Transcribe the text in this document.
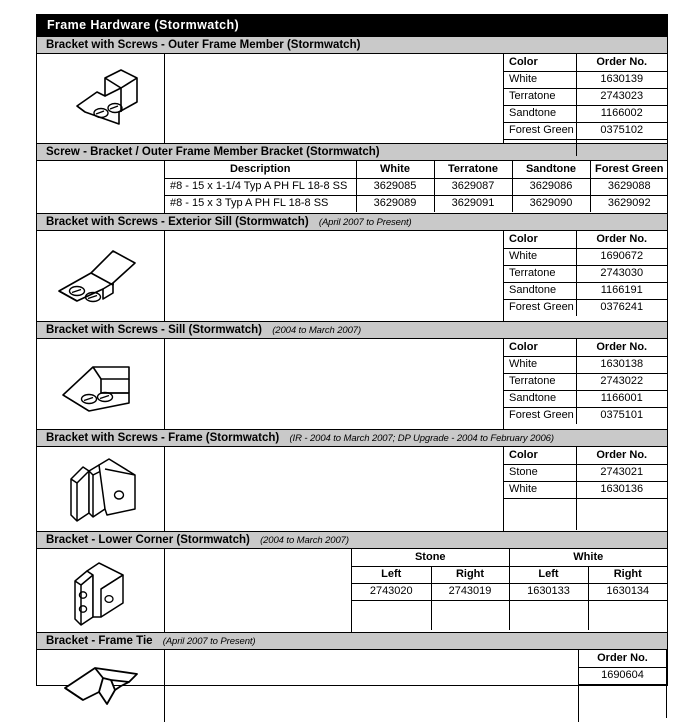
Frame Hardware (Stormwatch)
Bracket with Screws - Outer Frame Member (Stormwatch)
Color	Order No.
White	1630139
Terratone	2743023
Sandtone	1166002
Forest Green	0375102

Screw - Bracket / Outer Frame Member Bracket (Stormwatch)
Description	White	Terratone	Sandtone	Forest Green
#8 - 15 x 1-1/4 Typ A PH FL 18-8 SS	3629085	3629087	3629086	3629088
#8 - 15 x 3 Typ A PH FL 18-8 SS	3629089	3629091	3629090	3629092
Bracket with Screws - Exterior Sill (Stormwatch) (April 2007 to Present)
Color	Order No.
White	1690672
Terratone	2743030
Sandtone	1166191
Forest Green	0376241
Bracket with Screws - Sill (Stormwatch) (2004 to March 2007)
Color	Order No.
White	1630138
Terratone	2743022
Sandtone	1166001
Forest Green	0375101
Bracket with Screws - Frame (Stormwatch) (IR - 2004 to March 2007; DP Upgrade - 2004 to February 2006)
Color	Order No.
Stone	2743021
White	1630136

Bracket - Lower Corner (Stormwatch) (2004 to March 2007)
Stone		White	
Left	Right	Left	Right
2743020	2743019	1630133	1630134

Bracket - Frame Tie (April 2007 to Present)
Order No.
1690604
